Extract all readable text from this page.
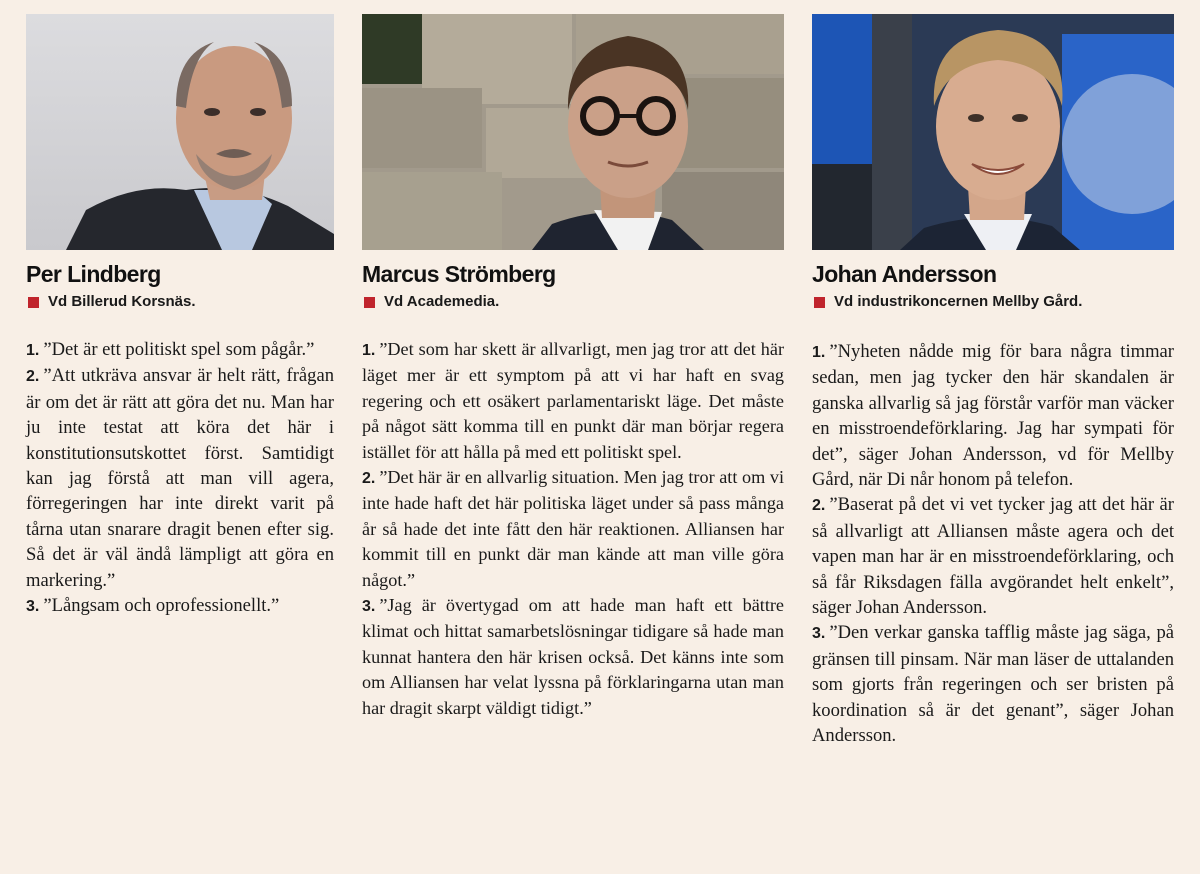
Per Lindberg
Vd Billerud Korsnäs.

1. ”Det är ett politiskt spel som pågår.”

2. ”Att utkräva ansvar är helt rätt, frågan är om det är rätt att göra det nu. Man har ju inte testat att köra det här i konstitutionsutskottet först. Samtidigt kan jag förstå att man vill agera, förregeringen har inte direkt varit på tårna utan snarare dragit benen efter sig. Så det är väl ändå lämpligt att göra en markering.”

3. ”Långsam och oprofessionellt.”

Marcus Strömberg
Vd Academedia.

1. ”Det som har skett är allvarligt, men jag tror att det här läget mer är ett symptom på att vi har haft en svag regering och ett osäkert parlamentariskt läge. Det måste på något sätt komma till en punkt där man börjar regera istället för att hålla på med ett politiskt spel.

2. ”Det här är en allvarlig situation. Men jag tror att om vi inte hade haft det här politiska läget under så pass många år så hade det inte fått den här reaktionen. Alliansen har kommit till en punkt där man kände att man ville göra något.”

3. ”Jag är övertygad om att hade man haft ett bättre klimat och hittat samarbetslösningar tidigare så hade man kunnat hantera den här krisen också. Det känns inte som om Alliansen har velat lyssna på förklaringarna utan man har dragit skarpt väldigt tidigt.”

Johan Andersson
Vd industrikoncernen Mellby Gård.

1. ”Nyheten nådde mig för bara några timmar sedan, men jag tycker den här skandalen är ganska allvarlig så jag förstår varför man väcker en misstroendeförklaring. Jag har sympati för det”, säger Johan Andersson, vd för Mellby Gård, när Di når honom på telefon.

2. ”Baserat på det vi vet tycker jag att det här är så allvarligt att Alliansen måste agera och det vapen man har är en misstroendeförklaring, och så får Riksdagen fälla avgörandet helt enkelt”, säger Johan Andersson.

3. ”Den verkar ganska tafflig måste jag säga, på gränsen till pinsam. När man läser de uttalanden som gjorts från regeringen och ser bristen på koordination så är det genant”, säger Johan Andersson.
